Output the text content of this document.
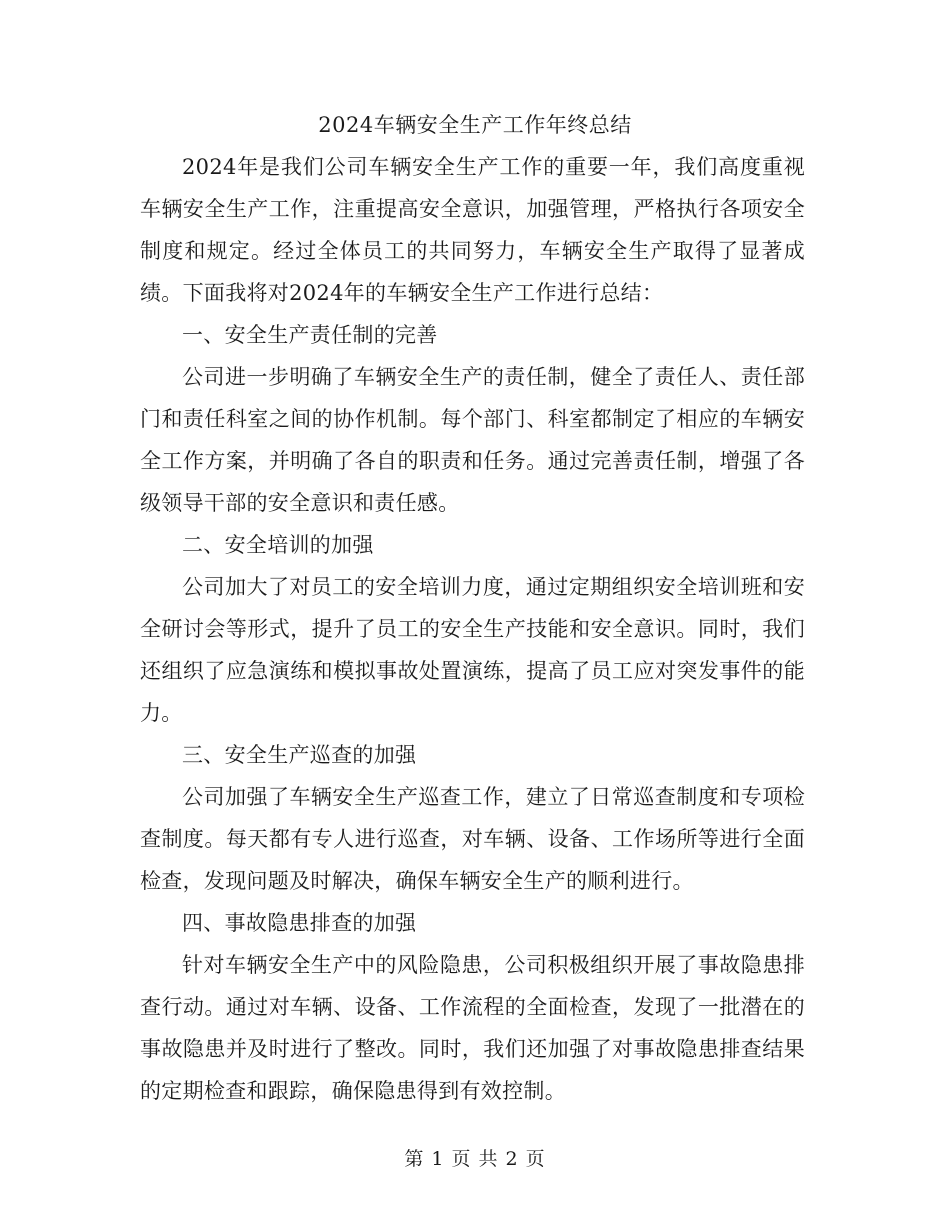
2024车辆安全生产工作年终总结

2024年是我们公司车辆安全生产工作的重要一年，我们高度重视车辆安全生产工作，注重提高安全意识，加强管理，严格执行各项安全制度和规定。经过全体员工的共同努力，车辆安全生产取得了显著成绩。下面我将对2024年的车辆安全生产工作进行总结：

一、安全生产责任制的完善

公司进一步明确了车辆安全生产的责任制，健全了责任人、责任部门和责任科室之间的协作机制。每个部门、科室都制定了相应的车辆安全工作方案，并明确了各自的职责和任务。通过完善责任制，增强了各级领导干部的安全意识和责任感。

二、安全培训的加强

公司加大了对员工的安全培训力度，通过定期组织安全培训班和安全研讨会等形式，提升了员工的安全生产技能和安全意识。同时，我们还组织了应急演练和模拟事故处置演练，提高了员工应对突发事件的能力。

三、安全生产巡查的加强

公司加强了车辆安全生产巡查工作，建立了日常巡查制度和专项检查制度。每天都有专人进行巡查，对车辆、设备、工作场所等进行全面检查，发现问题及时解决，确保车辆安全生产的顺利进行。

四、事故隐患排查的加强

针对车辆安全生产中的风险隐患，公司积极组织开展了事故隐患排查行动。通过对车辆、设备、工作流程的全面检查，发现了一批潜在的事故隐患并及时进行了整改。同时，我们还加强了对事故隐患排查结果的定期检查和跟踪，确保隐患得到有效控制。

第 1 页 共 2 页
